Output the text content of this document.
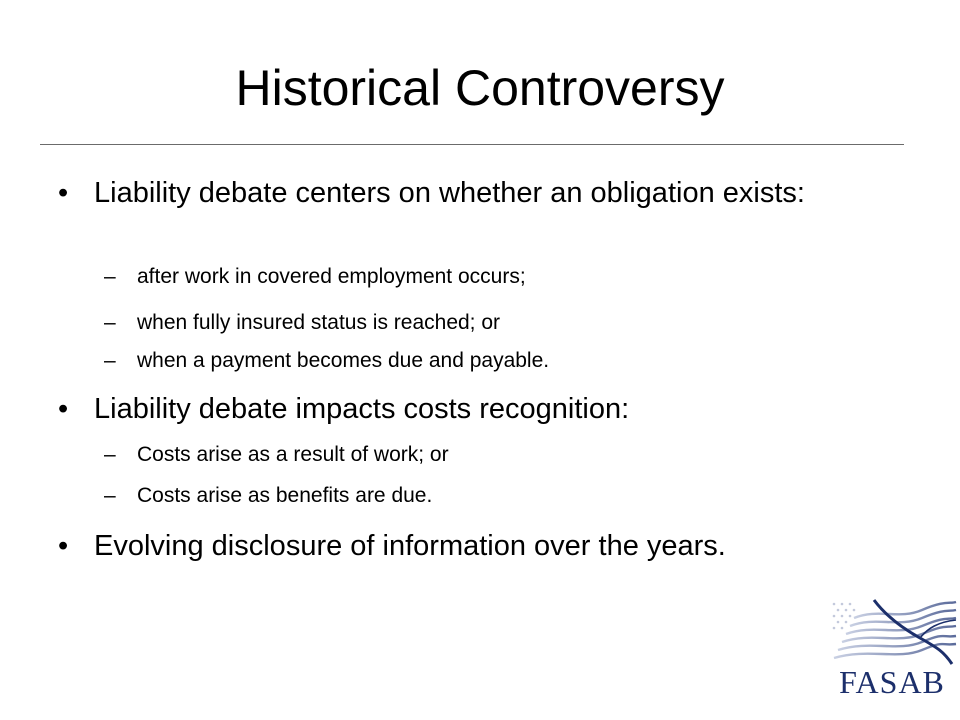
Historical Controversy
• Liability debate centers on whether an obligation exists:
– after work in covered employment occurs;
– when fully insured status is reached; or
– when a payment becomes due and payable.
• Liability debate impacts costs recognition:
– Costs arise as a result of work; or
– Costs arise as benefits are due.
• Evolving disclosure of information over the years.
FASAB
